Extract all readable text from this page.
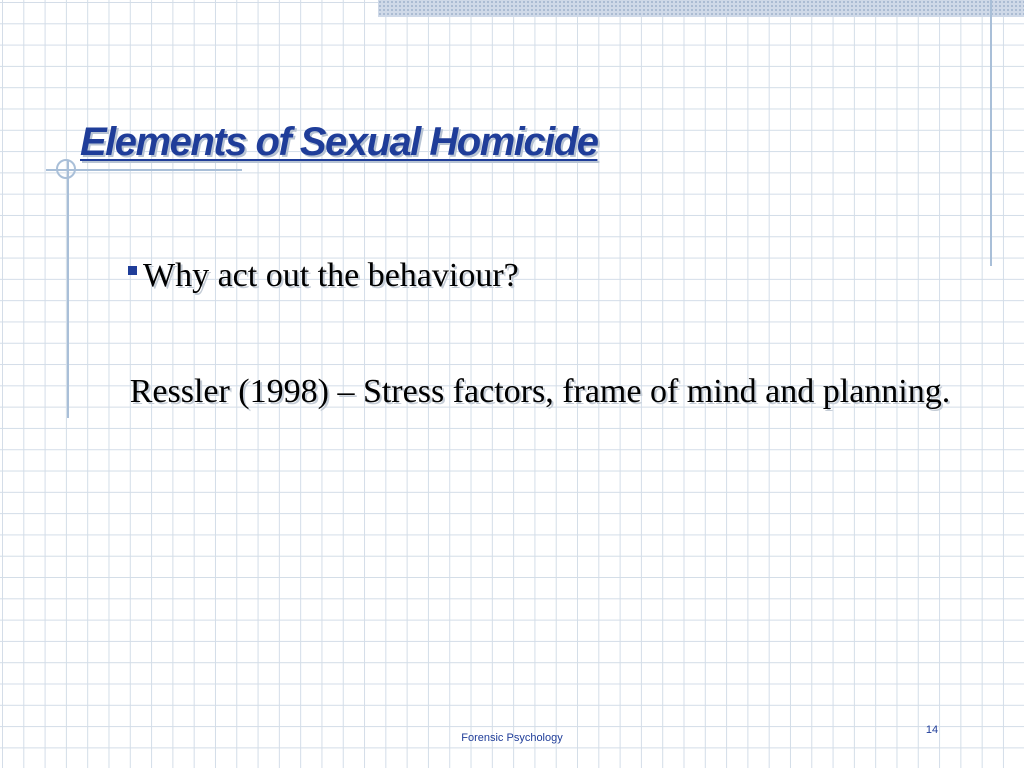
Elements of Sexual Homicide
Why act out the behaviour?

Ressler (1998) – Stress factors, frame of mind and planning.

Forensic Psychology
14
